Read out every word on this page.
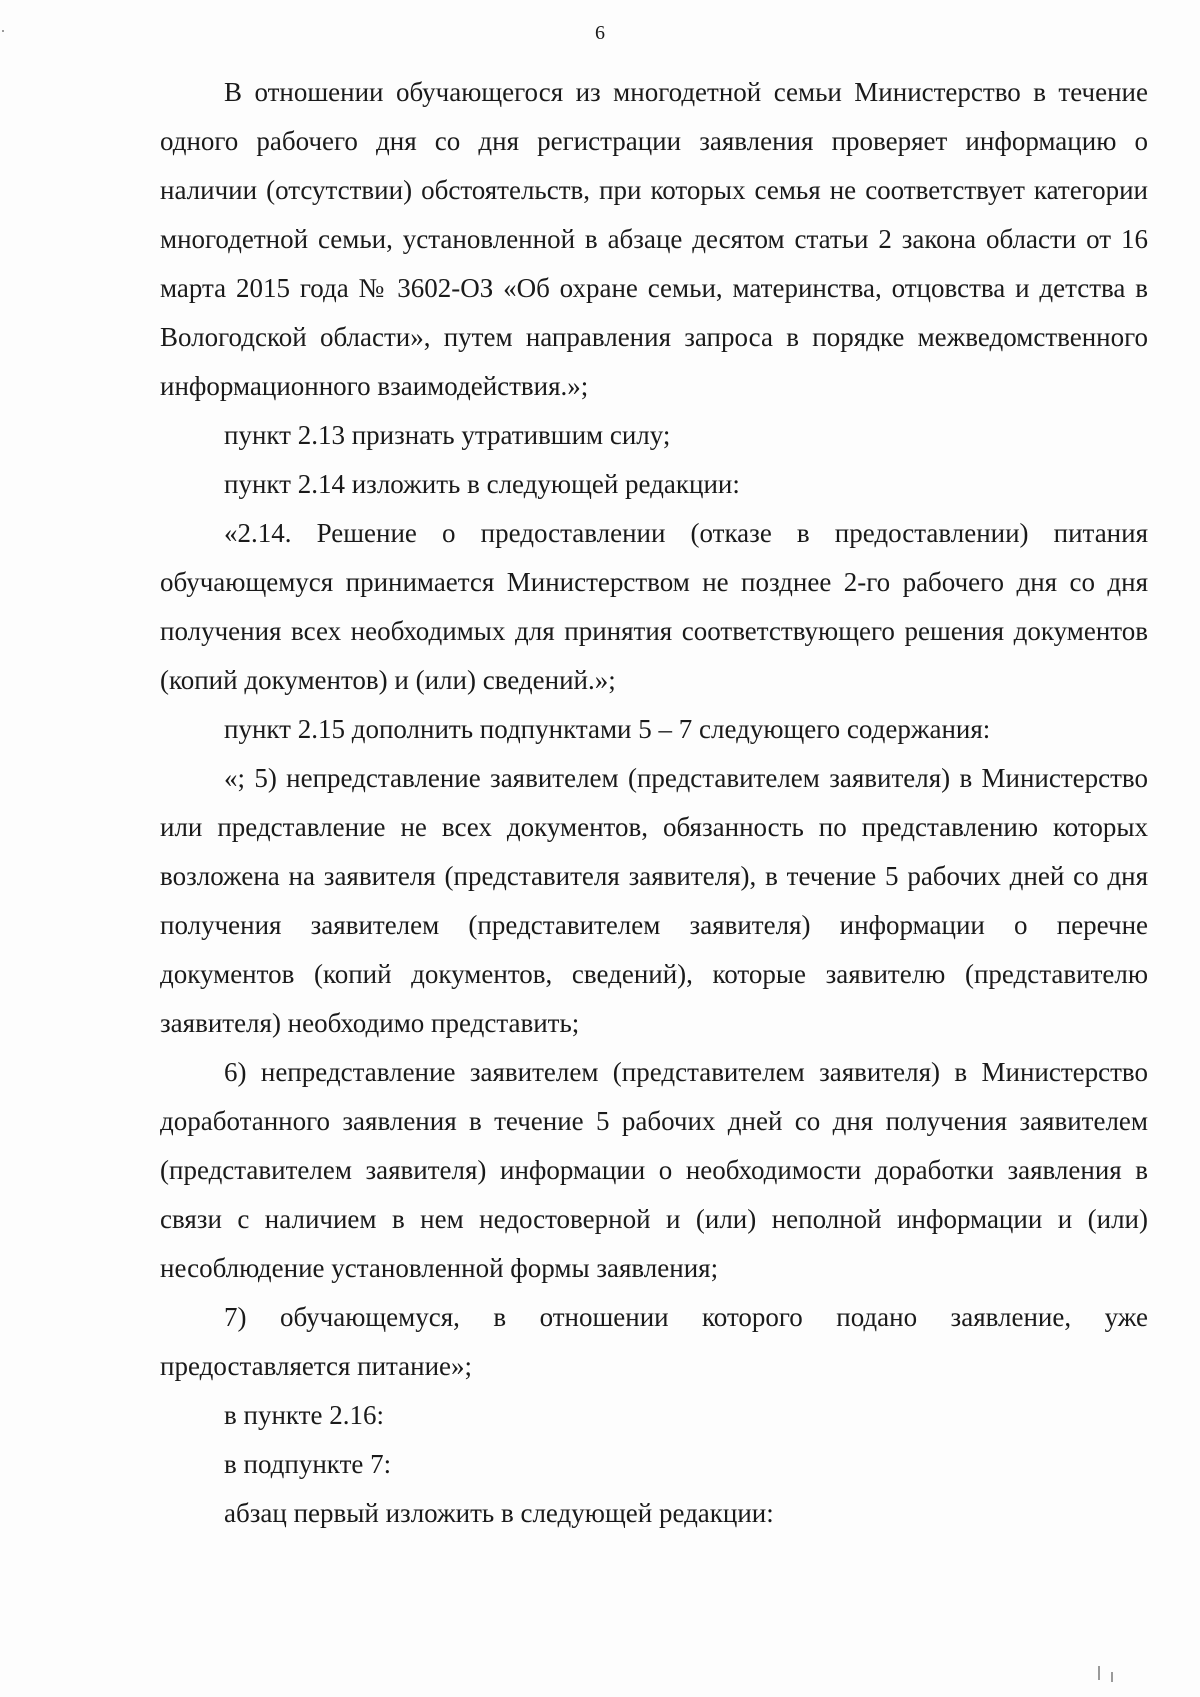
6

В отношении обучающегося из многодетной семьи Министерство в течение одного рабочего дня со дня регистрации заявления проверяет информацию о наличии (отсутствии) обстоятельств, при которых семья не соответствует категории многодетной семьи, установленной в абзаце десятом статьи 2 закона области от 16 марта 2015 года № 3602-ОЗ «Об охране семьи, материнства, отцовства и детства в Вологодской области», путем направления запроса в порядке межведомственного информационного взаимодействия.»;

пункт 2.13 признать утратившим силу;

пункт 2.14 изложить в следующей редакции:

«2.14. Решение о предоставлении (отказе в предоставлении) питания обучающемуся принимается Министерством не позднее 2-го рабочего дня со дня получения всех необходимых для принятия соответствующего решения документов (копий документов) и (или) сведений.»;

пункт 2.15 дополнить подпунктами 5 – 7 следующего содержания:

«; 5) непредставление заявителем (представителем заявителя) в Министерство или представление не всех документов, обязанность по представлению которых возложена на заявителя (представителя заявителя), в течение 5 рабочих дней со дня получения заявителем (представителем заявителя) информации о перечне документов (копий документов, сведений), которые заявителю (представителю заявителя) необходимо представить;

6) непредставление заявителем (представителем заявителя) в Министерство доработанного заявления в течение 5 рабочих дней со дня получения заявителем (представителем заявителя) информации о необходимости доработки заявления в связи с наличием в нем недостоверной и (или) неполной информации и (или) несоблюдение установленной формы заявления;

7) обучающемуся, в отношении которого подано заявление, уже предоставляется питание»;

в пункте 2.16:

в подпункте 7:

абзац первый изложить в следующей редакции:
